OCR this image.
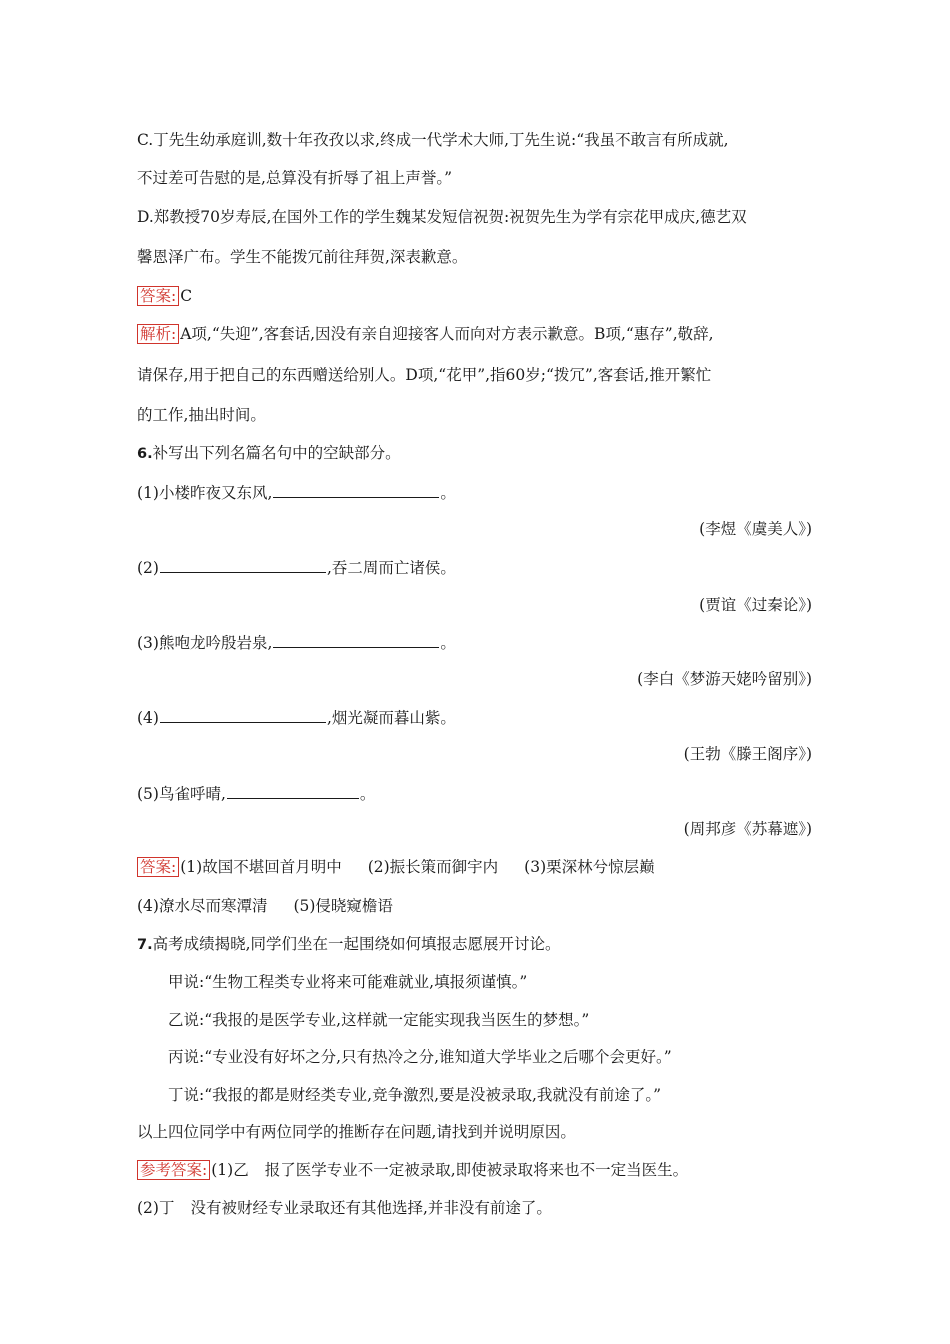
C.丁先生幼承庭训,数十年孜孜以求,终成一代学术大师,丁先生说:“我虽不敢言有所成就,
不过差可告慰的是,总算没有折辱了祖上声誉。”
D.郑教授70岁寿辰,在国外工作的学生魏某发短信祝贺:祝贺先生为学有宗花甲成庆,德艺双
馨恩泽广布。学生不能拨冗前往拜贺,深表歉意。
答案: C
解析: A项,“失迎”,客套话,因没有亲自迎接客人而向对方表示歉意。B项,“惠存”,敬辞,
请保存,用于把自己的东西赠送给别人。D项,“花甲”,指60岁;“拨冗”,客套话,推开繁忙
的工作,抽出时间。
6.补写出下列名篇名句中的空缺部分。
(1)小楼昨夜又东风,	。
(李煜《虞美人》)
(2)	,吞二周而亡诸侯。
(贾谊《过秦论》)
(3)熊咆龙吟殷岩泉,	。
(李白《梦游天姥吟留别》)
(4)	,烟光凝而暮山紫。
(王勃《滕王阁序》)
(5)鸟雀呼晴,	。
(周邦彦《苏幕遮》)
答案: (1)故国不堪回首月明中 (2)振长策而御宇内 (3)栗深林兮惊层巅
(4)潦水尽而寒潭清 (5)侵晓窥檐语
7.高考成绩揭晓,同学们坐在一起围绕如何填报志愿展开讨论。
甲说:“生物工程类专业将来可能难就业,填报须谨慎。”
乙说:“我报的是医学专业,这样就一定能实现我当医生的梦想。”
丙说:“专业没有好坏之分,只有热冷之分,谁知道大学毕业之后哪个会更好。”
丁说:“我报的都是财经类专业,竞争激烈,要是没被录取,我就没有前途了。”
以上四位同学中有两位同学的推断存在问题,请找到并说明原因。
参考答案: (1)乙 报了医学专业不一定被录取,即使被录取将来也不一定当医生。
(2)丁 没有被财经专业录取还有其他选择,并非没有前途了。
